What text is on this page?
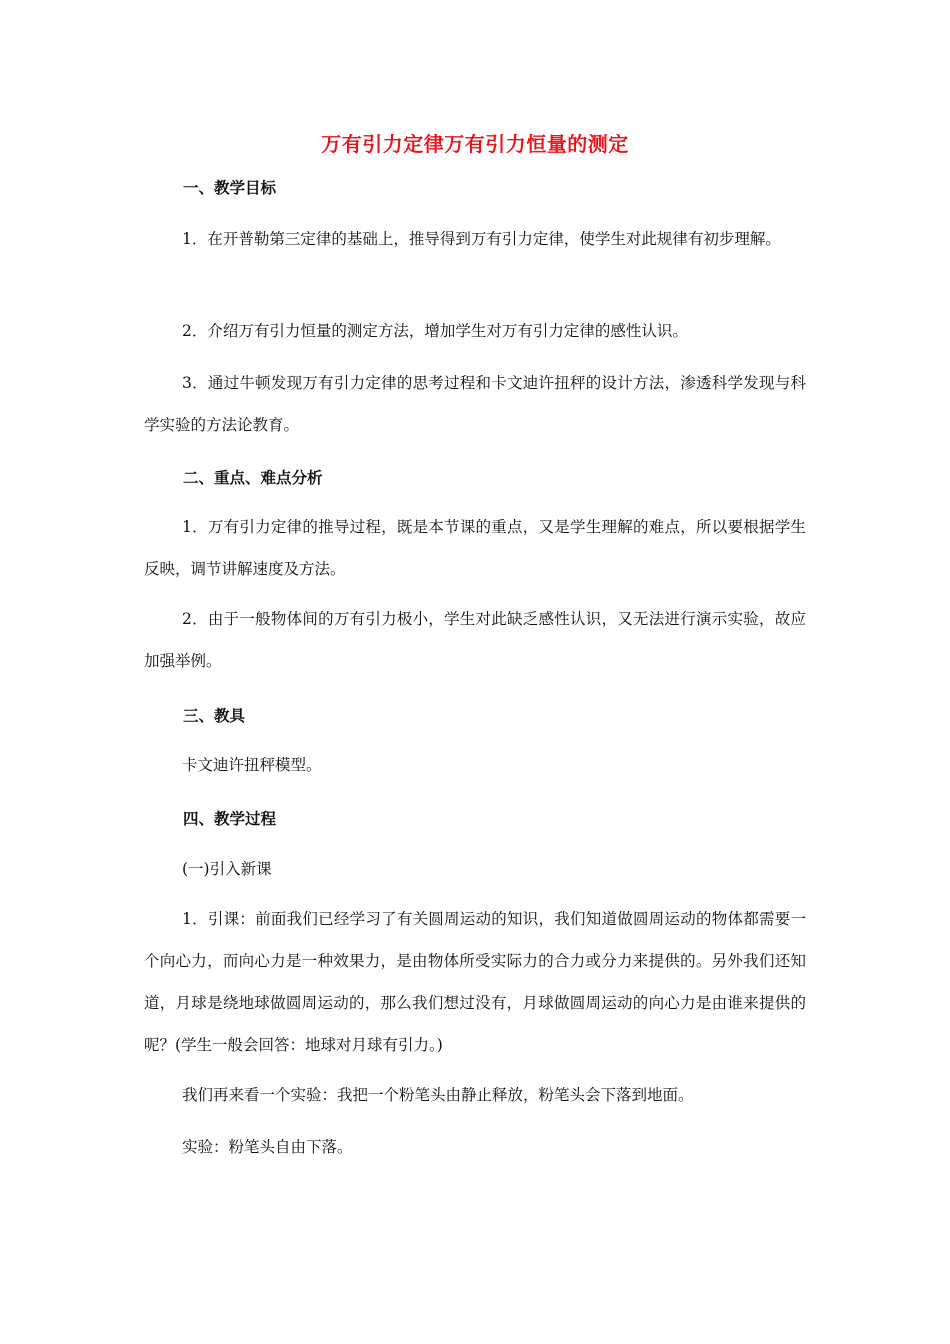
万有引力定律万有引力恒量的测定
一、教学目标
1．在开普勒第三定律的基础上，推导得到万有引力定律，使学生对此规律有初步理解。
2．介绍万有引力恒量的测定方法，增加学生对万有引力定律的感性认识。
3．通过牛顿发现万有引力定律的思考过程和卡文迪许扭秤的设计方法，渗透科学发现与科学实验的方法论教育。
二、重点、难点分析
1．万有引力定律的推导过程，既是本节课的重点，又是学生理解的难点，所以要根据学生反映，调节讲解速度及方法。
2．由于一般物体间的万有引力极小，学生对此缺乏感性认识，又无法进行演示实验，故应加强举例。
三、教具
卡文迪许扭秤模型。
四、教学过程
(一)引入新课
1．引课：前面我们已经学习了有关圆周运动的知识，我们知道做圆周运动的物体都需要一个向心力，而向心力是一种效果力，是由物体所受实际力的合力或分力来提供的。另外我们还知道，月球是绕地球做圆周运动的，那么我们想过没有，月球做圆周运动的向心力是由谁来提供的呢？(学生一般会回答：地球对月球有引力。)
我们再来看一个实验：我把一个粉笔头由静止释放，粉笔头会下落到地面。
实验：粉笔头自由下落。
